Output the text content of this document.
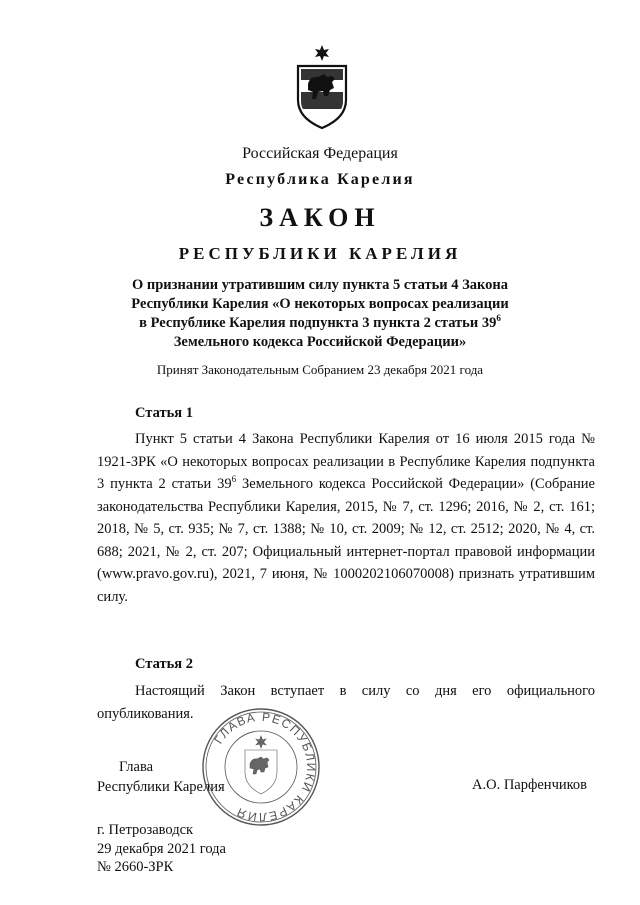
Российская Федерация
Республика Карелия
ЗАКОН
РЕСПУБЛИКИ КАРЕЛИЯ
О признании утратившим силу пункта 5 статьи 4 Закона
Республики Карелия «О некоторых вопросах реализации
в Республике Карелия подпункта 3 пункта 2 статьи $39^6$
Земельного кодекса Российской Федерации»
Принят Законодательным Собранием 23 декабря 2021 года
Статья 1

Пункт 5 статьи 4 Закона Республики Карелия от 16 июля 2015 года № 1921-ЗРК «О некоторых вопросах реализации в Республике Карелия подпункта 3 пункта 2 статьи $39^6$ Земельного кодекса Российской Федерации» (Собрание законодательства Республики Карелия, 2015, № 7, ст. 1296; 2016, № 2, ст. 161; 2018, № 5, ст. 935; № 7, ст. 1388; № 10, ст. 2009; № 12, ст. 2512; 2020, № 4, ст. 688; 2021, № 2, ст. 207; Официальный интернет-портал правовой информации (www.pravo.gov.ru), 2021, 7 июня, № 1000202106070008) признать утратившим силу.

Статья 2

Настоящий Закон вступает в силу со дня его официального опубликования.

Глава
Республики Карелия
ГЛАВА РЕСПУБЛИКИ КАРЕЛИЯ
А.О. Парфенчиков
г. Петрозаводск
29 декабря 2021 года
№ 2660-ЗРК
